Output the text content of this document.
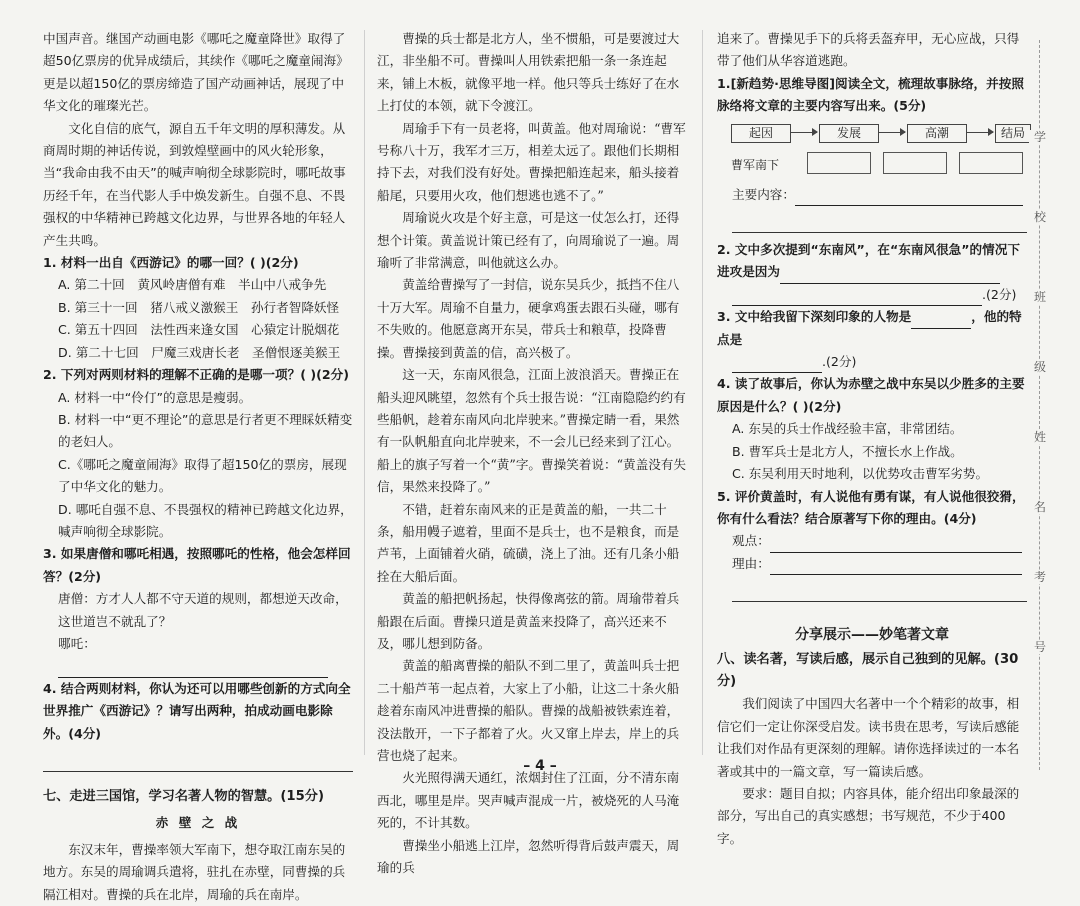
中国声音。继国产动画电影《哪吒之魔童降世》取得了超50亿票房的优异成绩后，其续作《哪吒之魔童闹海》更是以超150亿的票房缔造了国产动画神话，展现了中华文化的璀璨光芒。

文化自信的底气，源自五千年文明的厚积薄发。从商周时期的神话传说，到敦煌壁画中的风火轮形象，当“我命由我不由天”的喊声响彻全球影院时，哪吒故事历经千年，在当代影人手中焕发新生。自强不息、不畏强权的中华精神已跨越文化边界，与世界各地的年轻人产生共鸣。

1. 材料一出自《西游记》的哪一回？( )(2分)

A. 第二十回　黄风岭唐僧有难　半山中八戒争先

B. 第三十一回　猪八戒义激猴王　孙行者智降妖怪

C. 第五十四回　法性西来逢女国　心猿定计脱烟花

D. 第二十七回　尸魔三戏唐长老　圣僧恨逐美猴王

2. 下列对两则材料的理解不正确的是哪一项？( )(2分)

A. 材料一中“伶仃”的意思是瘦弱。

B. 材料一中“更不理论”的意思是行者更不理睬妖精变的老妇人。

C.《哪吒之魔童闹海》取得了超150亿的票房，展现了中华文化的魅力。

D. 哪吒自强不息、不畏强权的精神已跨越文化边界，喊声响彻全球影院。

3. 如果唐僧和哪吒相遇，按照哪吒的性格，他会怎样回答？(2分)

唐僧：方才人人都不守天道的规则，都想逆天改命，这世道岂不就乱了？

哪吒：

4. 结合两则材料，你认为还可以用哪些创新的方式向全世界推广《西游记》？请写出两种，拍成动画电影除外。(4分)

七、走进三国馆，学习名著人物的智慧。(15分)

赤 壁 之 战

东汉末年，曹操率领大军南下，想夺取江南东吴的地方。东吴的周瑜调兵遣将，驻扎在赤壁，同曹操的兵隔江相对。曹操的兵在北岸，周瑜的兵在南岸。

曹操的兵士都是北方人，坐不惯船，可是要渡过大江，非坐船不可。曹操叫人用铁索把船一条一条连起来，铺上木板，就像平地一样。他只等兵士练好了在水上打仗的本领，就下令渡江。

周瑜手下有一员老将，叫黄盖。他对周瑜说：“曹军号称八十万，我军才三万，相差太远了。跟他们长期相持下去，对我们没有好处。曹操把船连起来，船头接着船尾，只要用火攻，他们想逃也逃不了。”

周瑜说火攻是个好主意，可是这一仗怎么打，还得想个计策。黄盖说计策已经有了，向周瑜说了一遍。周瑜听了非常满意，叫他就这么办。

黄盖给曹操写了一封信，说东吴兵少，抵挡不住八十万大军。周瑜不自量力，硬拿鸡蛋去跟石头碰，哪有不失败的。他愿意离开东吴，带兵士和粮草，投降曹操。曹操接到黄盖的信，高兴极了。

这一天，东南风很急，江面上波浪滔天。曹操正在船头迎风眺望，忽然有个兵士报告说：“江南隐隐约约有些船帆，趁着东南风向北岸驶来。”曹操定睛一看，果然有一队帆船直向北岸驶来，不一会儿已经来到了江心。船上的旗子写着一个“黄”字。曹操笑着说：“黄盖没有失信，果然来投降了。”

不错，赶着东南风来的正是黄盖的船，一共二十条，船用幔子遮着，里面不是兵士，也不是粮食，而是芦苇，上面铺着火硝，硫磺，浇上了油。还有几条小船拴在大船后面。

黄盖的船把帆扬起，快得像离弦的箭。周瑜带着兵船跟在后面。曹操只道是黄盖来投降了，高兴还来不及，哪儿想到防备。

黄盖的船离曹操的船队不到二里了，黄盖叫兵士把二十船芦苇一起点着，大家上了小船，让这二十条火船趁着东南风冲进曹操的船队。曹操的战船被铁索连着，没法散开，一下子都着了火。火又窜上岸去，岸上的兵营也烧了起来。

火光照得满天通红，浓烟封住了江面，分不清东南西北，哪里是岸。哭声喊声混成一片，被烧死的人马淹死的，不计其数。

曹操坐小船逃上江岸，忽然听得背后鼓声震天，周瑜的兵

追来了。曹操见手下的兵将丢盔弃甲，无心应战，只得带了他们从华容道逃跑。

1.[新趋势·思维导图]阅读全文，梳理故事脉络，并按照脉络将文章的主要内容写出来。(5分)

起因	发展	高潮	结局
曹军南下

主要内容：

2. 文中多次提到“东南风”，在“东南风很急”的情况下进攻是因为

.(2分)

3. 文中给我留下深刻印象的人物是	，他的特点是

.(2分)

4. 读了故事后，你认为赤壁之战中东吴以少胜多的主要原因是什么？( )(2分)

A. 东吴的兵士作战经验丰富，非常团结。

B. 曹军兵士是北方人，不擅长水上作战。

C. 东吴利用天时地利，以优势攻击曹军劣势。

5. 评价黄盖时，有人说他有勇有谋，有人说他很狡猾，你有什么看法？结合原著写下你的理由。(4分)

观点：

理由：

分享展示——妙笔著文章

八、读名著，写读后感，展示自己独到的见解。(30分)

我们阅读了中国四大名著中一个个精彩的故事，相信它们一定让你深受启发。读书贵在思考，写读后感能让我们对作品有更深刻的理解。请你选择读过的一本名著或其中的一篇文章，写一篇读后感。

要求：题目自拟；内容具体，能介绍出印象最深的部分，写出自己的真实感想；书写规范，不少于400字。

学
校
班
级
姓
名
考
号
– 4 –
